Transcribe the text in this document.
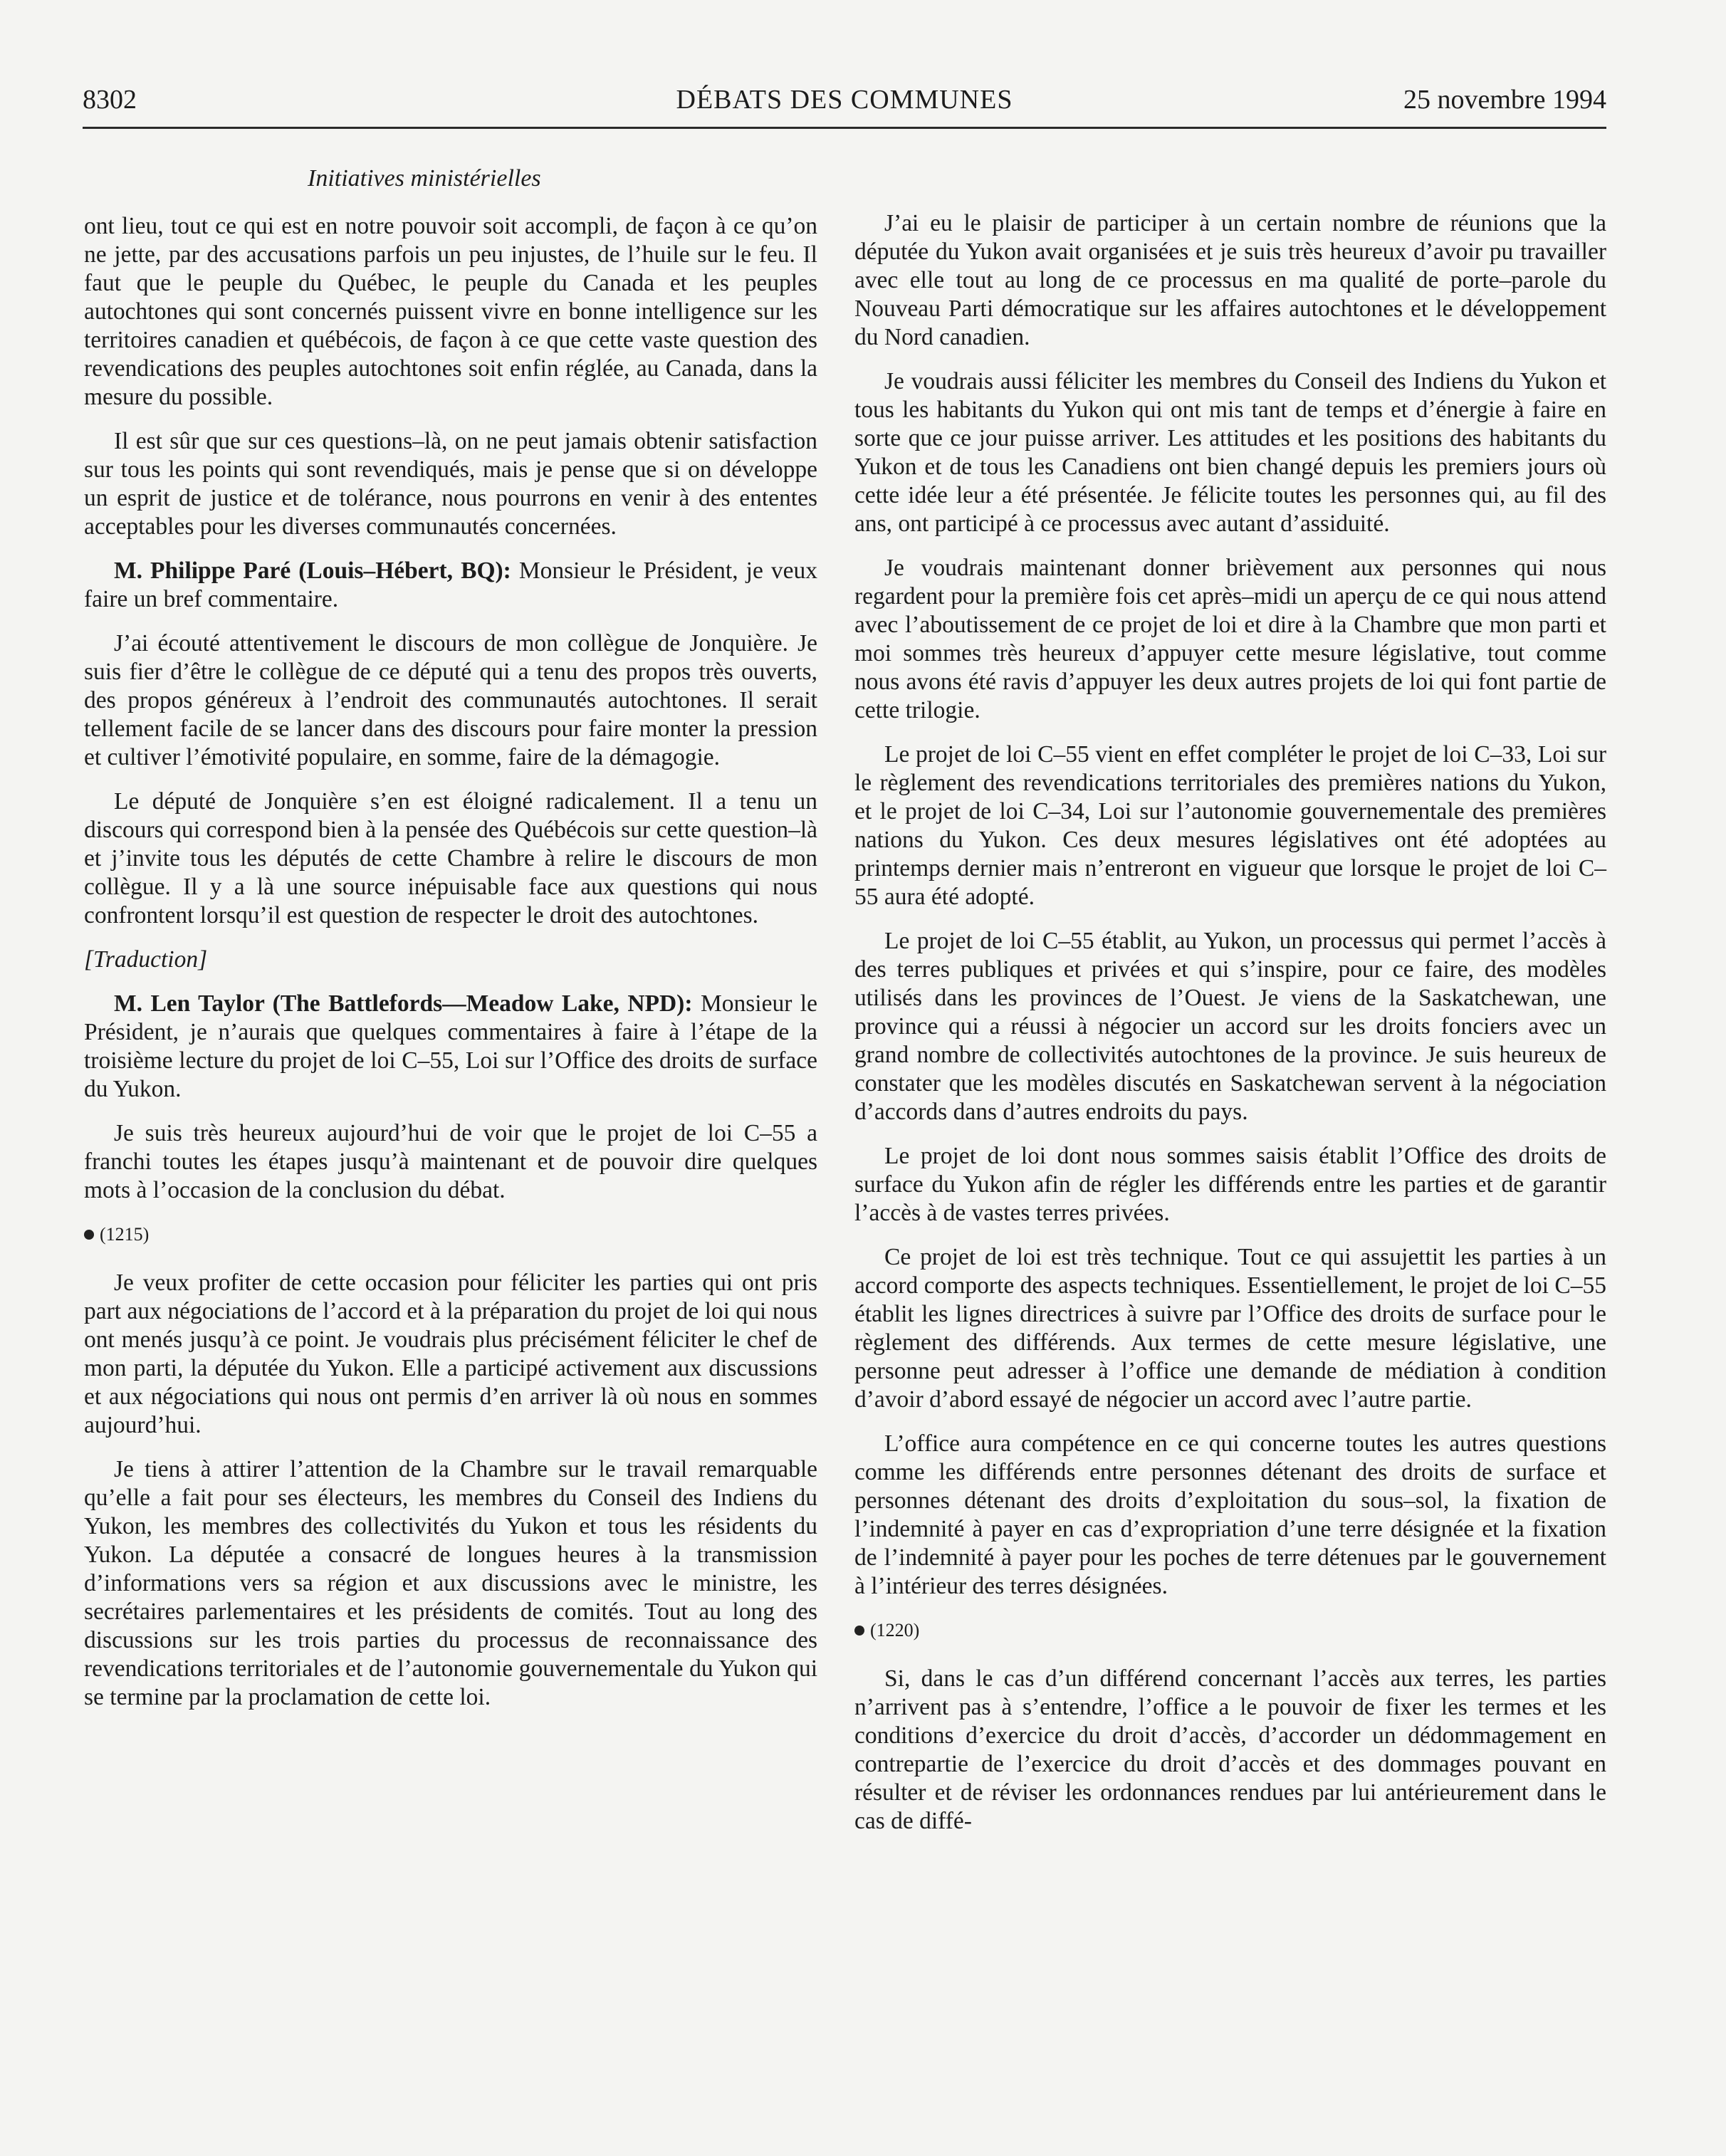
8302	DÉBATS DES COMMUNES	25 novembre 1994
Initiatives ministérielles

ont lieu, tout ce qui est en notre pouvoir soit accompli, de façon à ce qu’on ne jette, par des accusations parfois un peu injustes, de l’huile sur le feu. Il faut que le peuple du Québec, le peuple du Canada et les peuples autochtones qui sont concernés puissent vivre en bonne intelligence sur les territoires canadien et québécois, de façon à ce que cette vaste question des revendications des peuples autochtones soit enfin réglée, au Canada, dans la mesure du possible.

Il est sûr que sur ces questions–là, on ne peut jamais obtenir satisfaction sur tous les points qui sont revendiqués, mais je pense que si on développe un esprit de justice et de tolérance, nous pourrons en venir à des ententes acceptables pour les diverses communautés concernées.

M. Philippe Paré (Louis–Hébert, BQ): Monsieur le Président, je veux faire un bref commentaire.

J’ai écouté attentivement le discours de mon collègue de Jonquière. Je suis fier d’être le collègue de ce député qui a tenu des propos très ouverts, des propos généreux à l’endroit des communautés autochtones. Il serait tellement facile de se lancer dans des discours pour faire monter la pression et cultiver l’émotivité populaire, en somme, faire de la démagogie.

Le député de Jonquière s’en est éloigné radicalement. Il a tenu un discours qui correspond bien à la pensée des Québécois sur cette question–là et j’invite tous les députés de cette Chambre à relire le discours de mon collègue. Il y a là une source inépuisable face aux questions qui nous confrontent lorsqu’il est question de respecter le droit des autochtones.

[Traduction]

M. Len Taylor (The Battlefords—Meadow Lake, NPD): Monsieur le Président, je n’aurais que quelques commentaires à faire à l’étape de la troisième lecture du projet de loi C–55, Loi sur l’Office des droits de surface du Yukon.

Je suis très heureux aujourd’hui de voir que le projet de loi C–55 a franchi toutes les étapes jusqu’à maintenant et de pouvoir dire quelques mots à l’occasion de la conclusion du débat.

(1215)

Je veux profiter de cette occasion pour féliciter les parties qui ont pris part aux négociations de l’accord et à la préparation du projet de loi qui nous ont menés jusqu’à ce point. Je voudrais plus précisément féliciter le chef de mon parti, la députée du Yukon. Elle a participé activement aux discussions et aux négociations qui nous ont permis d’en arriver là où nous en sommes aujourd’hui.

Je tiens à attirer l’attention de la Chambre sur le travail remarquable qu’elle a fait pour ses électeurs, les membres du Conseil des Indiens du Yukon, les membres des collectivités du Yukon et tous les résidents du Yukon. La députée a consacré de longues heures à la transmission d’informations vers sa région et aux discussions avec le ministre, les secrétaires parlementaires et les présidents de comités. Tout au long des discussions sur les trois parties du processus de reconnaissance des revendications territoriales et de l’autonomie gouvernementale du Yukon qui se termine par la proclamation de cette loi.

J’ai eu le plaisir de participer à un certain nombre de réunions que la députée du Yukon avait organisées et je suis très heureux d’avoir pu travailler avec elle tout au long de ce processus en ma qualité de porte–parole du Nouveau Parti démocratique sur les affaires autochtones et le développement du Nord canadien.

Je voudrais aussi féliciter les membres du Conseil des Indiens du Yukon et tous les habitants du Yukon qui ont mis tant de temps et d’énergie à faire en sorte que ce jour puisse arriver. Les attitudes et les positions des habitants du Yukon et de tous les Canadiens ont bien changé depuis les premiers jours où cette idée leur a été présentée. Je félicite toutes les personnes qui, au fil des ans, ont participé à ce processus avec autant d’assiduité.

Je voudrais maintenant donner brièvement aux personnes qui nous regardent pour la première fois cet après–midi un aperçu de ce qui nous attend avec l’aboutissement de ce projet de loi et dire à la Chambre que mon parti et moi sommes très heureux d’appuyer cette mesure législative, tout comme nous avons été ravis d’appuyer les deux autres projets de loi qui font partie de cette trilogie.

Le projet de loi C–55 vient en effet compléter le projet de loi C–33, Loi sur le règlement des revendications territoriales des premières nations du Yukon, et le projet de loi C–34, Loi sur l’autonomie gouvernementale des premières nations du Yukon. Ces deux mesures législatives ont été adoptées au printemps dernier mais n’entreront en vigueur que lorsque le projet de loi C–55 aura été adopté.

Le projet de loi C–55 établit, au Yukon, un processus qui permet l’accès à des terres publiques et privées et qui s’inspire, pour ce faire, des modèles utilisés dans les provinces de l’Ouest. Je viens de la Saskatchewan, une province qui a réussi à négocier un accord sur les droits fonciers avec un grand nombre de collectivités autochtones de la province. Je suis heureux de constater que les modèles discutés en Saskatchewan servent à la négociation d’accords dans d’autres endroits du pays.

Le projet de loi dont nous sommes saisis établit l’Office des droits de surface du Yukon afin de régler les différends entre les parties et de garantir l’accès à de vastes terres privées.

Ce projet de loi est très technique. Tout ce qui assujettit les parties à un accord comporte des aspects techniques. Essentiellement, le projet de loi C–55 établit les lignes directrices à suivre par l’Office des droits de surface pour le règlement des différends. Aux termes de cette mesure législative, une personne peut adresser à l’office une demande de médiation à condition d’avoir d’abord essayé de négocier un accord avec l’autre partie.

L’office aura compétence en ce qui concerne toutes les autres questions comme les différends entre personnes détenant des droits de surface et personnes détenant des droits d’exploitation du sous–sol, la fixation de l’indemnité à payer en cas d’expropriation d’une terre désignée et la fixation de l’indemnité à payer pour les poches de terre détenues par le gouvernement à l’intérieur des terres désignées.

(1220)

Si, dans le cas d’un différend concernant l’accès aux terres, les parties n’arrivent pas à s’entendre, l’office a le pouvoir de fixer les termes et les conditions d’exercice du droit d’accès, d’accorder un dédommagement en contrepartie de l’exercice du droit d’accès et des dommages pouvant en résulter et de réviser les ordonnances rendues par lui antérieurement dans le cas de diffé-
